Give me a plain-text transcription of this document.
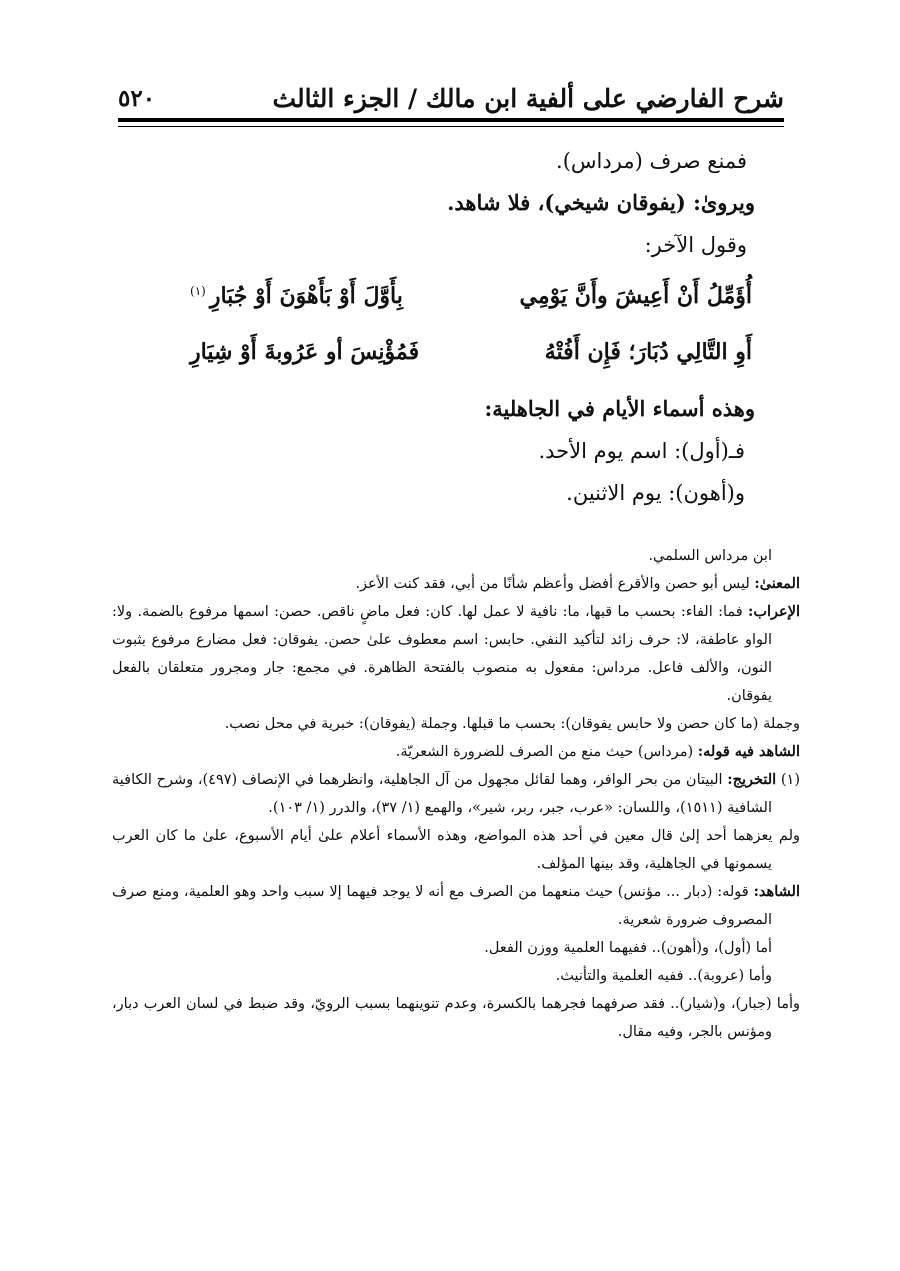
شرح الفارضي على ألفية ابن مالك / الجزء الثالث
٥٢٠

فمنع صرف (مرداس).

ويروىٰ: (يفوقان شيخي)، فلا شاهد.

وقول الآخر:

أُؤَمِّلُ أَنْ أَعِيشَ وأَنَّ يَوْمِي
بِأَوَّلَ أَوْ بَأَهْوَنَ أَوْ جُبَارِ$^{(١)}$
أَوِ التَّالِي دُبَارَ؛ فَإِن أَفُتْهُ
فَمُؤْنِسَ أو عَرُوبةَ أَوْ شِيَارِ

وهذه أسماء الأيام في الجاهلية:

فـ(أول): اسم يوم الأحد.

و(أهون): يوم الاثنين.

ابن مرداس السلمي.

المعنىٰ: ليس أبو حصن والأقرع أفضل وأعظم شأنًا من أبي، فقد كنت الأعز.

الإعراب: فما: الفاء: بحسب ما قبها، ما: نافية لا عمل لها. كان: فعل ماضٍ ناقص. حصن: اسمها مرفوع بالضمة. ولا: الواو عاطفة، لا: حرف زائد لتأكيد النفي. حابس: اسم معطوف علىٰ حصن. يفوقان: فعل مضارع مرفوع بثبوت النون، والألف فاعل. مرداس: مفعول به منصوب بالفتحة الظاهرة. في مجمع: جار ومجرور متعلقان بالفعل يفوقان.

وجملة (ما كان حصن ولا حابس يفوقان): بحسب ما قبلها. وجملة (يفوقان): خبرية في محل نصب.

الشاهد فيه قوله: (مرداس) حيث منع من الصرف للضرورة الشعريّة.

(١) التخريج: البيتان من بحر الوافر، وهما لقائل مجهول من آل الجاهلية، وانظرهما في الإنصاف (٤٩٧)، وشرح الكافية الشافية (١٥١١)، واللسان: «عرب، جبر، ربر، شير»، والهمع (١/ ٣٧)، والدرر (١/ ١٠٣).

ولم يعزهما أحد إلىٰ قال معين في أحد هذه المواضع، وهذه الأسماء أعلام علىٰ أيام الأسبوع، علىٰ ما كان العرب يسمونها في الجاهلية، وقد بينها المؤلف.

الشاهد: قوله: (دبار ... مؤنس) حيث منعهما من الصرف مع أنه لا يوجد فيهما إلا سبب واحد وهو العلمية، ومنع صرف المصروف ضرورة شعرية.

أما (أول)، و(أهون).. ففيهما العلمية ووزن الفعل.

وأما (عروبة).. ففيه العلمية والتأنيث.

وأما (جبار)، و(شيار).. فقد صرفهما فجرهما بالكسرة، وعدم تنوينهما بسبب الرويّ، وقد ضبط في لسان العرب دبار، ومؤنس بالجر، وفيه مقال.
